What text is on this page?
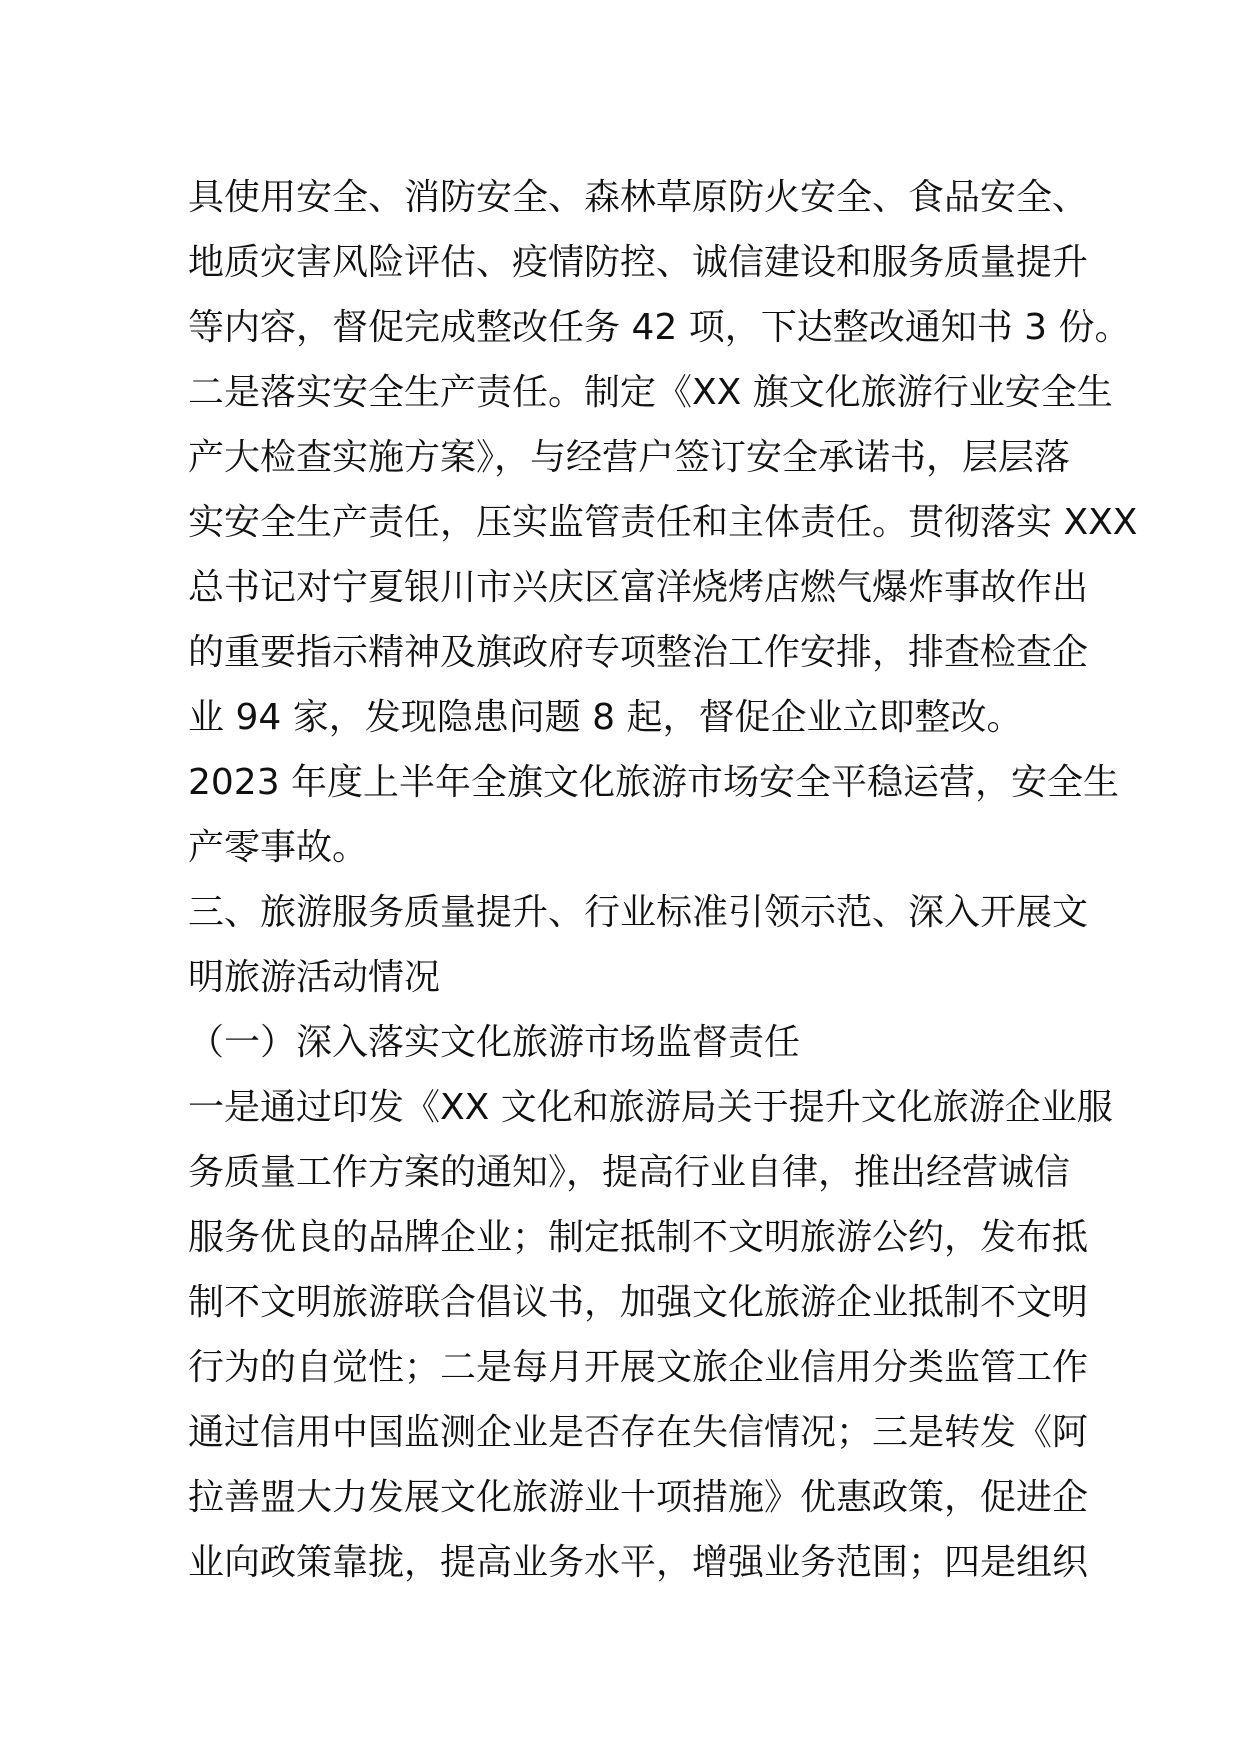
具使用安全、消防安全、森林草原防火安全、食品安全、
地质灾害风险评估、疫情防控、诚信建设和服务质量提升
等内容，督促完成整改任务 42 项，下达整改通知书 3 份。
二是落实安全生产责任。制定《XX 旗文化旅游行业安全生
产大检查实施方案》，与经营户签订安全承诺书，层层落
实安全生产责任，压实监管责任和主体责任。贯彻落实 XXX
总书记对宁夏银川市兴庆区富洋烧烤店燃气爆炸事故作出
的重要指示精神及旗政府专项整治工作安排，排查检查企
业 94 家，发现隐患问题 8 起，督促企业立即整改。
2023 年度上半年全旗文化旅游市场安全平稳运营，安全生
产零事故。
三、旅游服务质量提升、行业标准引领示范、深入开展文
明旅游活动情况
（一）深入落实文化旅游市场监督责任
一是通过印发《XX 文化和旅游局关于提升文化旅游企业服
务质量工作方案的通知》，提高行业自律，推出经营诚信
服务优良的品牌企业；制定抵制不文明旅游公约，发布抵
制不文明旅游联合倡议书，加强文化旅游企业抵制不文明
行为的自觉性；二是每月开展文旅企业信用分类监管工作
通过信用中国监测企业是否存在失信情况；三是转发《阿
拉善盟大力发展文化旅游业十项措施》优惠政策，促进企
业向政策靠拢，提高业务水平，增强业务范围；四是组织
